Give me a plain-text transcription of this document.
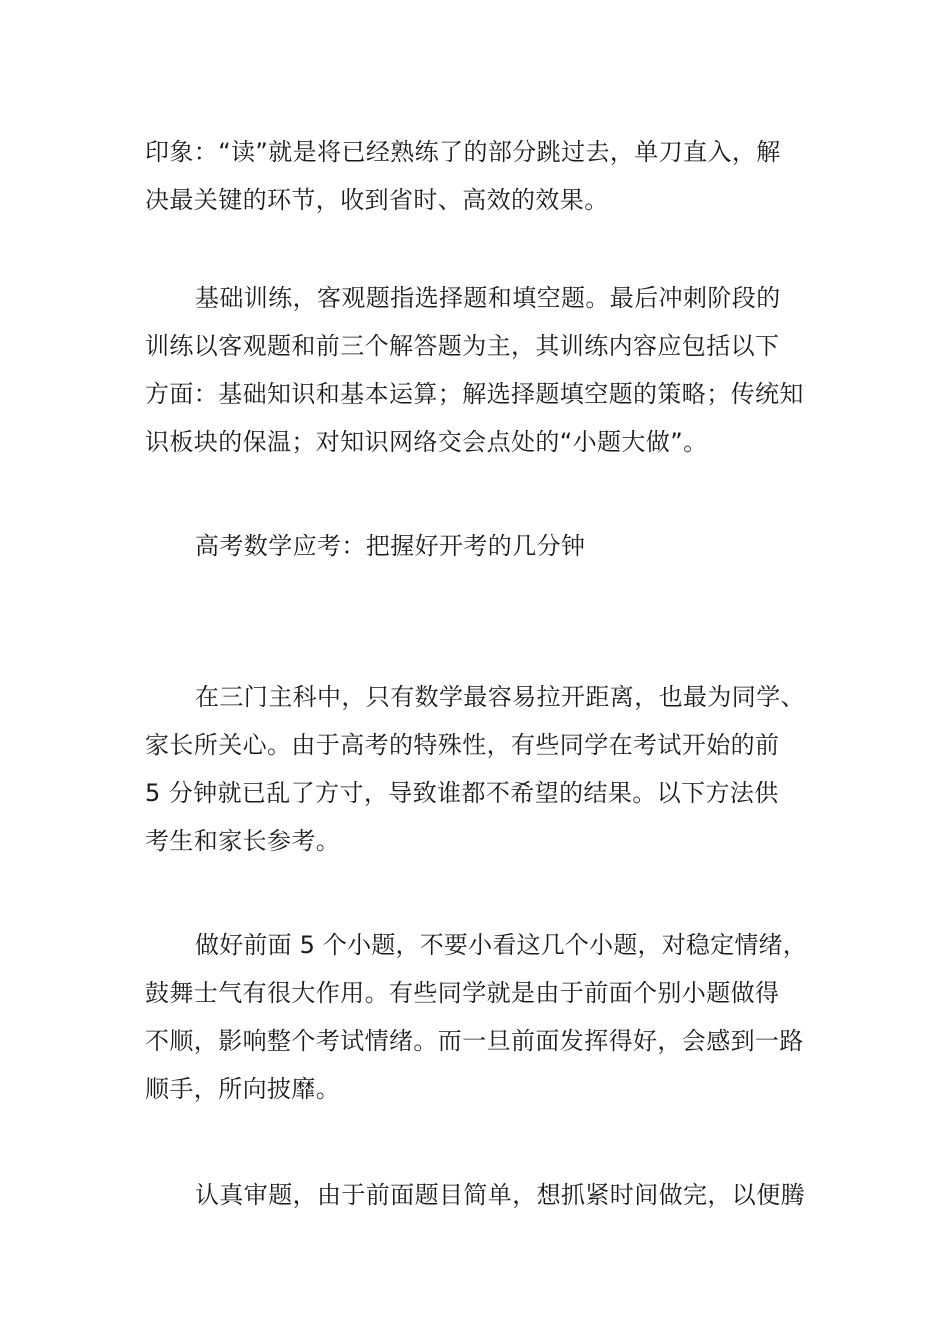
印象：“读”就是将已经熟练了的部分跳过去，单刀直入，解
决最关键的环节，收到省时、高效的效果。

基础训练，客观题指选择题和填空题。最后冲刺阶段的
训练以客观题和前三个解答题为主，其训练内容应包括以下
方面：基础知识和基本运算；解选择题填空题的策略；传统知
识板块的保温；对知识网络交会点处的“小题大做”。

高考数学应考：把握好开考的几分钟

在三门主科中，只有数学最容易拉开距离，也最为同学、
家长所关心。由于高考的特殊性，有些同学在考试开始的前
5 分钟就已乱了方寸，导致谁都不希望的结果。以下方法供
考生和家长参考。

做好前面 5 个小题，不要小看这几个小题，对稳定情绪，
鼓舞士气有很大作用。有些同学就是由于前面个别小题做得
不顺，影响整个考试情绪。而一旦前面发挥得好，会感到一路
顺手，所向披靡。

认真审题，由于前面题目简单，想抓紧时间做完，以便腾
